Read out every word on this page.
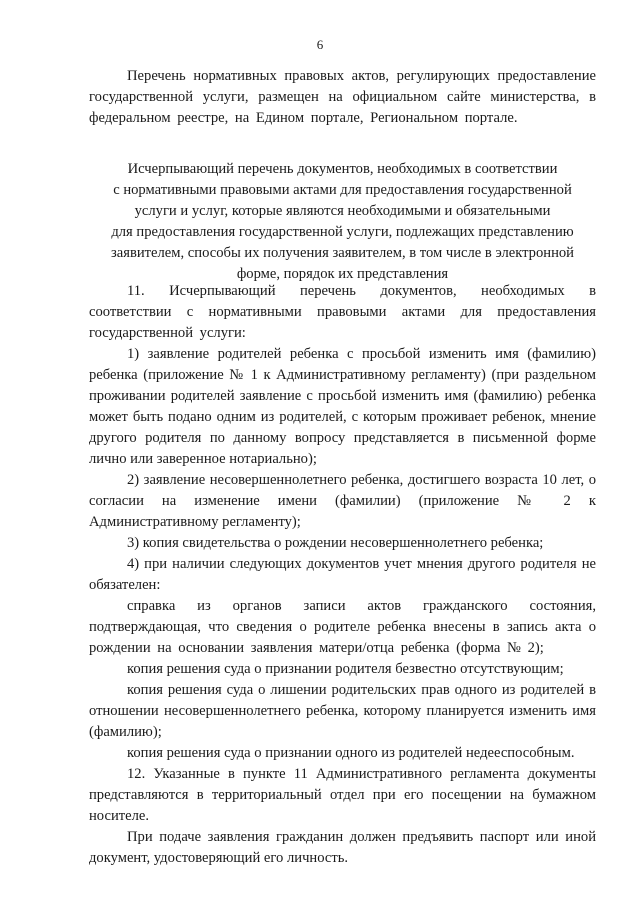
6

Перечень нормативных правовых актов, регулирующих предоставление государственной услуги, размещен на официальном сайте министерства, в федеральном реестре, на Едином портале, Региональном портале.

Исчерпывающий перечень документов, необходимых в соответствии
с нормативными правовыми актами для предоставления государственной
услуги и услуг, которые являются необходимыми и обязательными
для предоставления государственной услуги, подлежащих представлению
заявителем, способы их получения заявителем, в том числе в электронной
форме, порядок их представления

11. Исчерпывающий перечень документов, необходимых в соответствии с нормативными правовыми актами для предоставления государственной услуги:

1) заявление родителей ребенка с просьбой изменить имя (фамилию) ребенка (приложение № 1 к Административному регламенту) (при раздельном проживании родителей заявление с просьбой изменить имя (фамилию) ребенка может быть подано одним из родителей, с которым проживает ребенок, мнение другого родителя по данному вопросу представляется в письменной форме лично или заверенное нотариально);

2) заявление несовершеннолетнего ребенка, достигшего возраста 10 лет, о согласии на изменение имени (фамилии) (приложение № 2 к Административному регламенту);

3) копия свидетельства о рождении несовершеннолетнего ребенка;

4) при наличии следующих документов учет мнения другого родителя не обязателен:

справка из органов записи актов гражданского состояния, подтверждающая, что сведения о родителе ребенка внесены в запись акта о рождении на основании заявления матери/отца ребенка (форма № 2);

копия решения суда о признании родителя безвестно отсутствующим;

копия решения суда о лишении родительских прав одного из родителей в отношении несовершеннолетнего ребенка, которому планируется изменить имя (фамилию);

копия решения суда о признании одного из родителей недееспособным.

12. Указанные в пункте 11 Административного регламента документы представляются в территориальный отдел при его посещении на бумажном носителе.

При подаче заявления гражданин должен предъявить паспорт или иной документ, удостоверяющий его личность.
